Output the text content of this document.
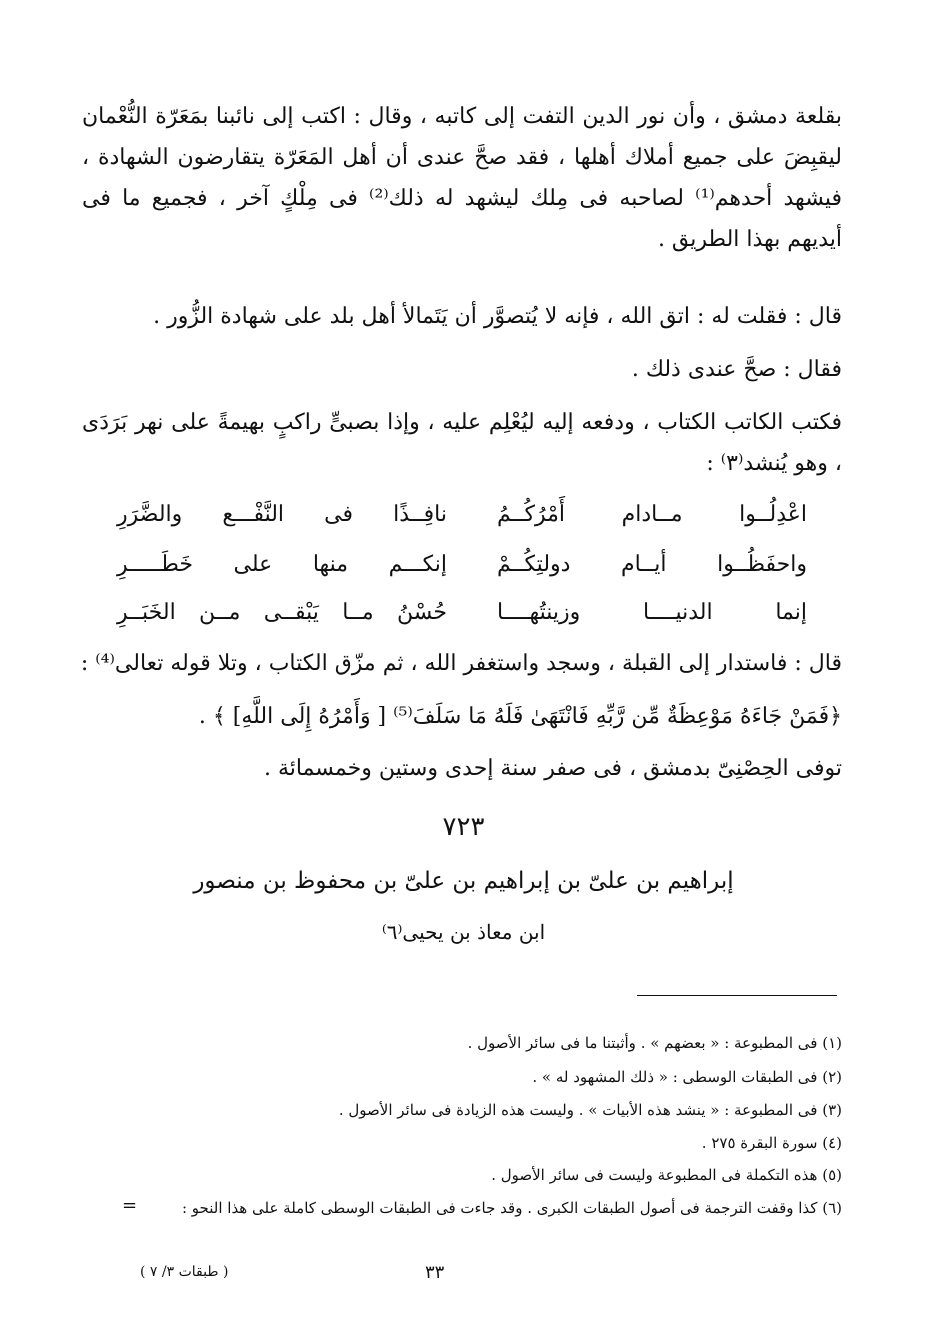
بقلعة دمشق ، وأن نور الدين التفت إلى كاتبه ، وقال : اكتب إلى نائبنا بمَعَرّة النُّعْمان ليقبِضَ على جميع أملاك أهلها ، فقد صحَّ عندى أن أهل المَعَرّة يتقارضون الشهادة ، فيشهد أحدهم⁽¹⁾ لصاحبه فى مِلك ليشهد له ذلك⁽²⁾ فى مِلْكٍ آخر ، فجميع ما فى أيديهم بهذا الطريق .
قال : فقلت له : اتق الله ، فإنه لا يُتصوَّر أن يَتَمالأ أهل بلد على شهادة الزُّور .
فقال : صحَّ عندى ذلك .
فكتب الكاتب الكتاب ، ودفعه إليه ليُعْلِم عليه ، وإذا بصبىٍّ راكبٍ بهيمةً على نهر بَرَدَى ، وهو يُنشد⁽٣⁾ :
اعْدِلُــوا مــادام أَمْرُكُــمُ
نافِــذًا فى النَّفْـــع والضَّرَرِ
واحفَظُــوا أيــام دولتِكُــمْ
إنكـــم منها على خَطَـــــرِ
إنما الدنيــــا وزينتُهــــا
حُسْنُ مــا يَبْقــى مــن الخَبَــرِ
قال : فاستدار إلى القبلة ، وسجد واستغفر الله ، ثم مزّق الكتاب ، وتلا قوله تعالى⁽⁴⁾ :
﴿فَمَنْ جَاءَهُ مَوْعِظَةٌ مِّن رَّبِّهِ فَانْتَهَىٰ فَلَهُ مَا سَلَفَ⁽⁵⁾ [ وَأَمْرُهُ إِلَى اللَّهِ] ﴾ .
توفى الحِصْنِىّ بدمشق ، فى صفر سنة إحدى وستين وخمسمائة .
٧٢٣
إبراهيم بن علىّ بن إبراهيم بن علىّ بن محفوظ بن منصور
ابن معاذ بن يحيى⁽٦⁾
(١) فى المطبوعة : « بعضهم » . وأثبتنا ما فى سائر الأصول .
(٢) فى الطبقات الوسطى : « ذلك المشهود له » .
(٣) فى المطبوعة : « ينشد هذه الأبيات » . وليست هذه الزيادة فى سائر الأصول .
(٤) سورة البقرة ٢٧٥ .
(٥) هذه التكملة فى المطبوعة وليست فى سائر الأصول .
(٦) كذا وقفت الترجمة فى أصول الطبقات الكبرى . وقد جاءت فى الطبقات الوسطى كاملة على هذا النحو :
=
٣٣
( طبقات ٣/ ٧ )
